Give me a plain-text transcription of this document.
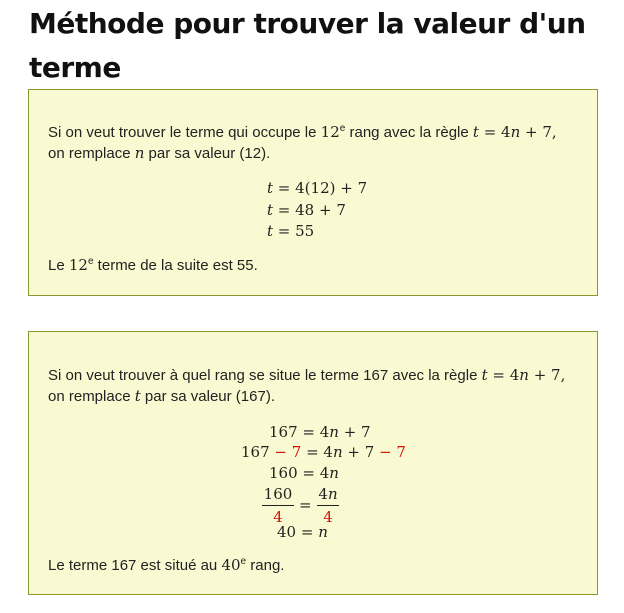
Méthode pour trouver la valeur d'un terme

Si on veut trouver le terme qui occupe le 12e rang avec la règle t = 4n + 7,
on remplace n par sa valeur (12).

t = 4(12) + 7
t = 48 + 7
t = 55

Le 12e terme de la suite est 55.

Si on veut trouver à quel rang se situe le terme 167 avec la règle t = 4n + 7,
on remplace t par sa valeur (167).

167 = 4n + 7
167 − 7 = 4n + 7 − 7
160 = 4n
160
4
=
4n
4
40 = n

Le terme 167 est situé au 40e rang.
